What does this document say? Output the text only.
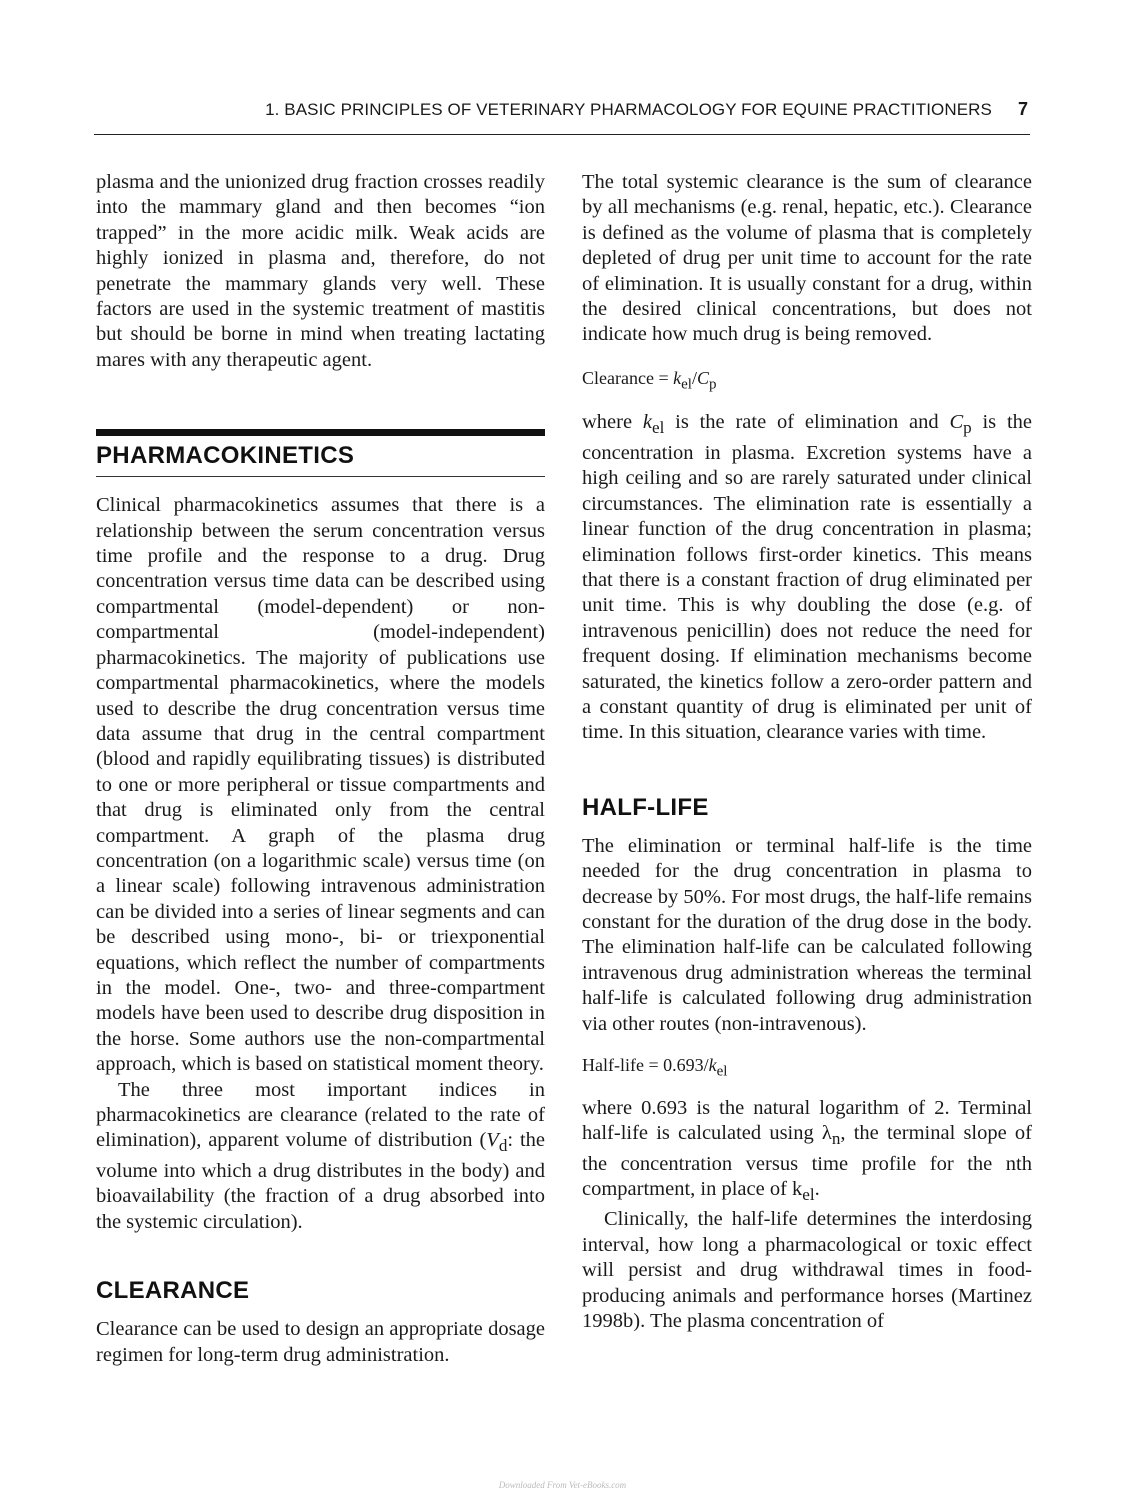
1. BASIC PRINCIPLES OF VETERINARY PHARMACOLOGY FOR EQUINE PRACTITIONERS 7

plasma and the unionized drug fraction crosses readily into the mammary gland and then becomes “ion trapped” in the more acidic milk. Weak acids are highly ionized in plasma and, therefore, do not penetrate the mammary glands very well. These factors are used in the systemic treatment of mastitis but should be borne in mind when treating lactating mares with any therapeutic agent.

PHARMACOKINETICS

Clinical pharmacokinetics assumes that there is a relationship between the serum concentration versus time profile and the response to a drug. Drug concentration versus time data can be described using compartmental (model-dependent) or non-compartmental (model-independent) pharmacokinetics. The majority of publications use compartmental pharmacokinetics, where the models used to describe the drug concentration versus time data assume that drug in the central compartment (blood and rapidly equilibrating tissues) is distributed to one or more peripheral or tissue compartments and that drug is eliminated only from the central compartment. A graph of the plasma drug concentration (on a logarithmic scale) versus time (on a linear scale) following intravenous administration can be divided into a series of linear segments and can be described using mono-, bi- or triexponential equations, which reflect the number of compartments in the model. One-, two- and three-compartment models have been used to describe drug disposition in the horse. Some authors use the non-compartmental approach, which is based on statistical moment theory.

The three most important indices in pharmacokinetics are clearance (related to the rate of elimination), apparent volume of distribution ($V_d$: the volume into which a drug distributes in the body) and bioavailability (the fraction of a drug absorbed into the systemic circulation).

CLEARANCE

Clearance can be used to design an appropriate dosage regimen for long-term drug administration.

The total systemic clearance is the sum of clearance by all mechanisms (e.g. renal, hepatic, etc.). Clearance is defined as the volume of plasma that is completely depleted of drug per unit time to account for the rate of elimination. It is usually constant for a drug, within the desired clinical concentrations, but does not indicate how much drug is being removed.

Clearance = $k_{el}/C_p$

where $k_{el}$ is the rate of elimination and $C_p$ is the concentration in plasma. Excretion systems have a high ceiling and so are rarely saturated under clinical circumstances. The elimination rate is essentially a linear function of the drug concentration in plasma; elimination follows first-order kinetics. This means that there is a constant fraction of drug eliminated per unit time. This is why doubling the dose (e.g. of intravenous penicillin) does not reduce the need for frequent dosing. If elimination mechanisms become saturated, the kinetics follow a zero-order pattern and a constant quantity of drug is eliminated per unit of time. In this situation, clearance varies with time.

HALF-LIFE

The elimination or terminal half-life is the time needed for the drug concentration in plasma to decrease by 50%. For most drugs, the half-life remains constant for the duration of the drug dose in the body. The elimination half-life can be calculated following intravenous drug administration whereas the terminal half-life is calculated following drug administration via other routes (non-intravenous).

Half-life = $0.693/k_{el}$

where 0.693 is the natural logarithm of 2. Terminal half-life is calculated using $\lambda_n$, the terminal slope of the concentration versus time profile for the nth compartment, in place of $k_{el}$.

Clinically, the half-life determines the interdosing interval, how long a pharmacological or toxic effect will persist and drug withdrawal times in food-producing animals and performance horses (Martinez 1998b). The plasma concentration of

Downloaded From Vet-eBooks.com
